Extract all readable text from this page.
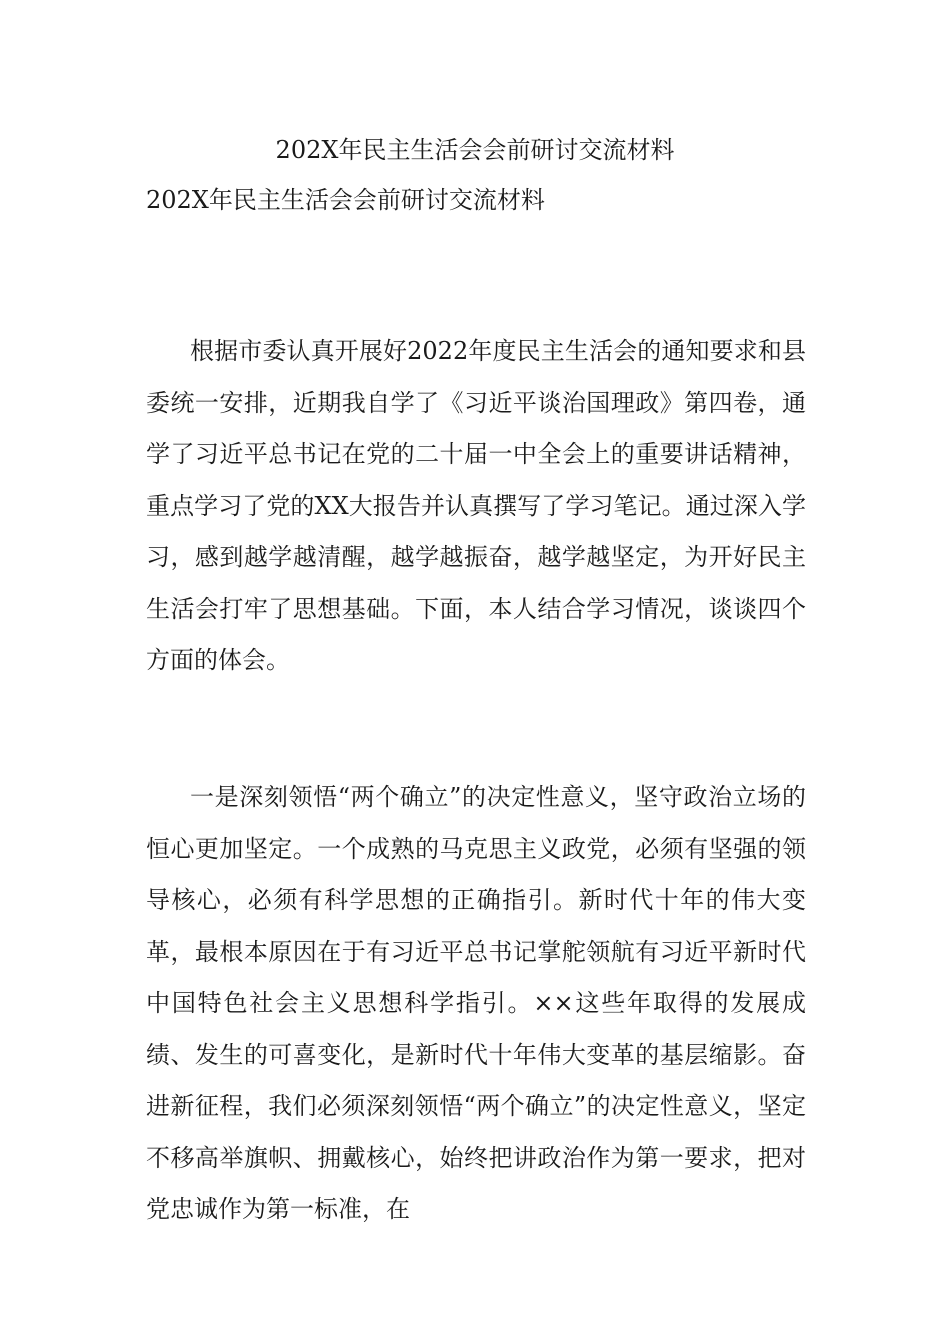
202X年民主生活会会前研讨交流材料
202X年民主生活会会前研讨交流材料

根据市委认真开展好2022年度民主生活会的通知要求和县委统一安排，近期我自学了《习近平谈治国理政》第四卷，通学了习近平总书记在党的二十届一中全会上的重要讲话精神，重点学习了党的XX大报告并认真撰写了学习笔记。通过深入学习，感到越学越清醒，越学越振奋，越学越坚定，为开好民主生活会打牢了思想基础。下面，本人结合学习情况，谈谈四个方面的体会。

一是深刻领悟“两个确立”的决定性意义，坚守政治立场的恒心更加坚定。一个成熟的马克思主义政党，必须有坚强的领导核心，必须有科学思想的正确指引。新时代十年的伟大变革，最根本原因在于有习近平总书记掌舵领航有习近平新时代中国特色社会主义思想科学指引。××这些年取得的发展成绩、发生的可喜变化，是新时代十年伟大变革的基层缩影。奋进新征程，我们必须深刻领悟“两个确立”的决定性意义，坚定不移高举旗帜、拥戴核心，始终把讲政治作为第一要求，把对党忠诚作为第一标准，在
